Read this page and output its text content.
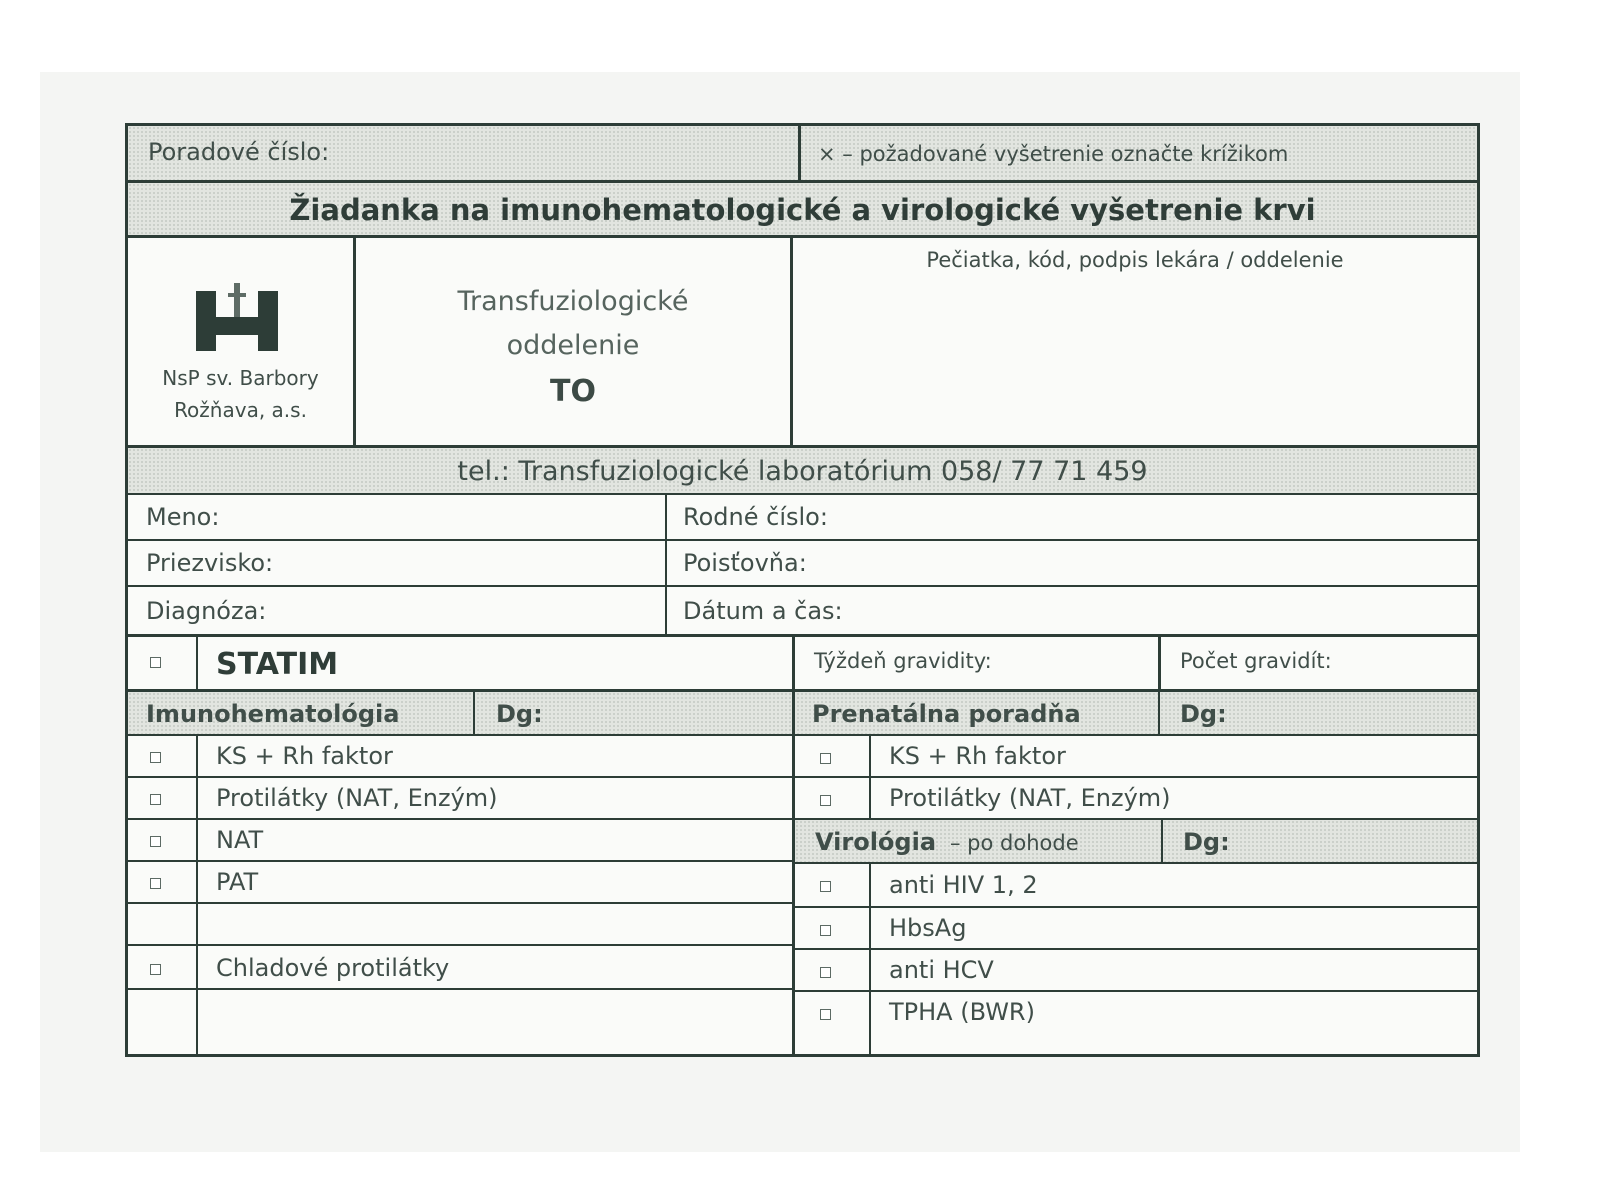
Poradové číslo:	× – požadované vyšetrenie označte krížikom
Žiadanka na imunohematologické a virologické vyšetrenie krvi
NsP sv. Barbory
Rožňava, a.s.
Transfuziologické
oddelenie
TO
Pečiatka, kód, podpis lekára / oddelenie
tel.: Transfuziologické laboratórium 058/ 77 71 459
Meno:	Rodné číslo:
Priezvisko:	Poisťovňa:
Diagnóza:	Dátum a čas:
STATIM	Týždeň gravidity:	Počet gravidít:
Imunohematológia	Dg:	Prenatálna poradňa	Dg:
KS + Rh faktor
Protilátky (NAT, Enzým)
NAT
PAT
Chladové protilátky
KS + Rh faktor
Protilátky (NAT, Enzým)
Virológia – po dohode	Dg:
anti HIV 1, 2
HbsAg
anti HCV
TPHA (BWR)
